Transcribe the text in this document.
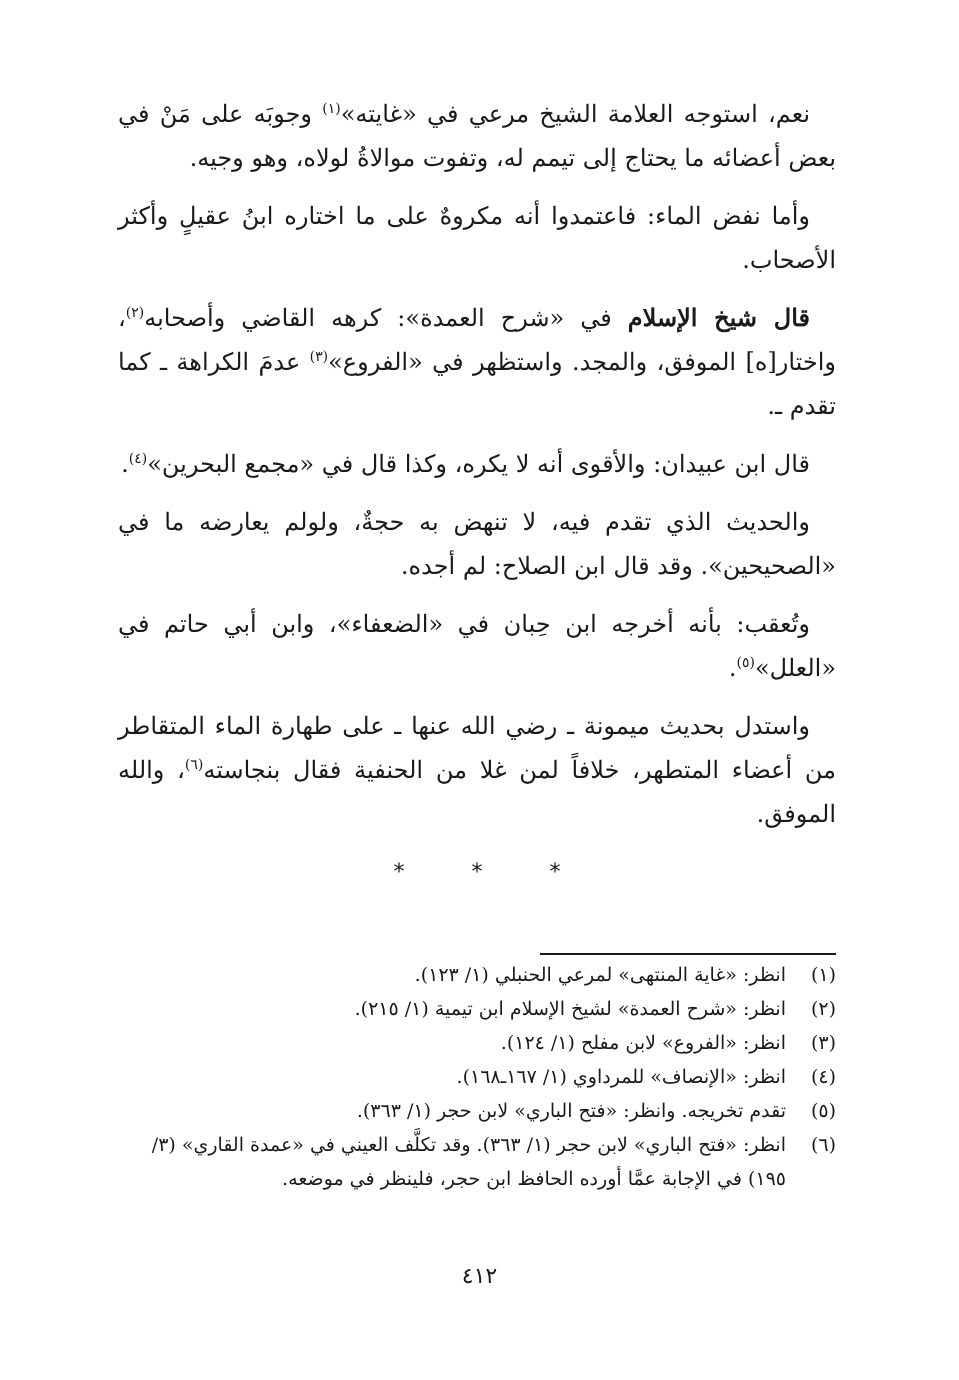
نعم، استوجه العلامة الشيخ مرعي في «غايته»$^{(١)}$ وجوبَه على مَنْ في بعض أعضائه ما يحتاج إلى تيمم له، وتفوت موالاةُ لولاه، وهو وجيه.

وأما نفض الماء: فاعتمدوا أنه مكروهٌ على ما اختاره ابنُ عقيلٍ وأكثر الأصحاب.

قال شيخ الإسلام في «شرح العمدة»: كرهه القاضي وأصحابه$^{(٢)}$، واختار[ه] الموفق، والمجد. واستظهر في «الفروع»$^{(٣)}$ عدمَ الكراهة ـ كما تقدم ـ.

قال ابن عبيدان: والأقوى أنه لا يكره، وكذا قال في «مجمع البحرين»$^{(٤)}$.

والحديث الذي تقدم فيه، لا تنهض به حجةٌ، ولولم يعارضه ما في «الصحيحين». وقد قال ابن الصلاح: لم أجده.

وتُعقب: بأنه أخرجه ابن حِبان في «الضعفاء»، وابن أبي حاتم في «العلل»$^{(٥)}$.

واستدل بحديث ميمونة ـ رضي الله عنها ـ على طهارة الماء المتقاطر من أعضاء المتطهر، خلافاً لمن غلا من الحنفية فقال بنجاسته$^{(٦)}$، والله الموفق.

* * *
(١)
انظر: «غاية المنتهى» لمرعي الحنبلي (١/ ١٢٣).
(٢)
انظر: «شرح العمدة» لشيخ الإسلام ابن تيمية (١/ ٢١٥).
(٣)
انظر: «الفروع» لابن مفلح (١/ ١٢٤).
(٤)
انظر: «الإنصاف» للمرداوي (١/ ١٦٧ـ١٦٨).
(٥)
تقدم تخريجه. وانظر: «فتح الباري» لابن حجر (١/ ٣٦٣).
(٦)
انظر: «فتح الباري» لابن حجر (١/ ٣٦٣). وقد تكلَّف العيني في «عمدة القاري» (٣/ ١٩٥) في الإجابة عمَّا أورده الحافظ ابن حجر، فلينظر في موضعه.
٤١٢
